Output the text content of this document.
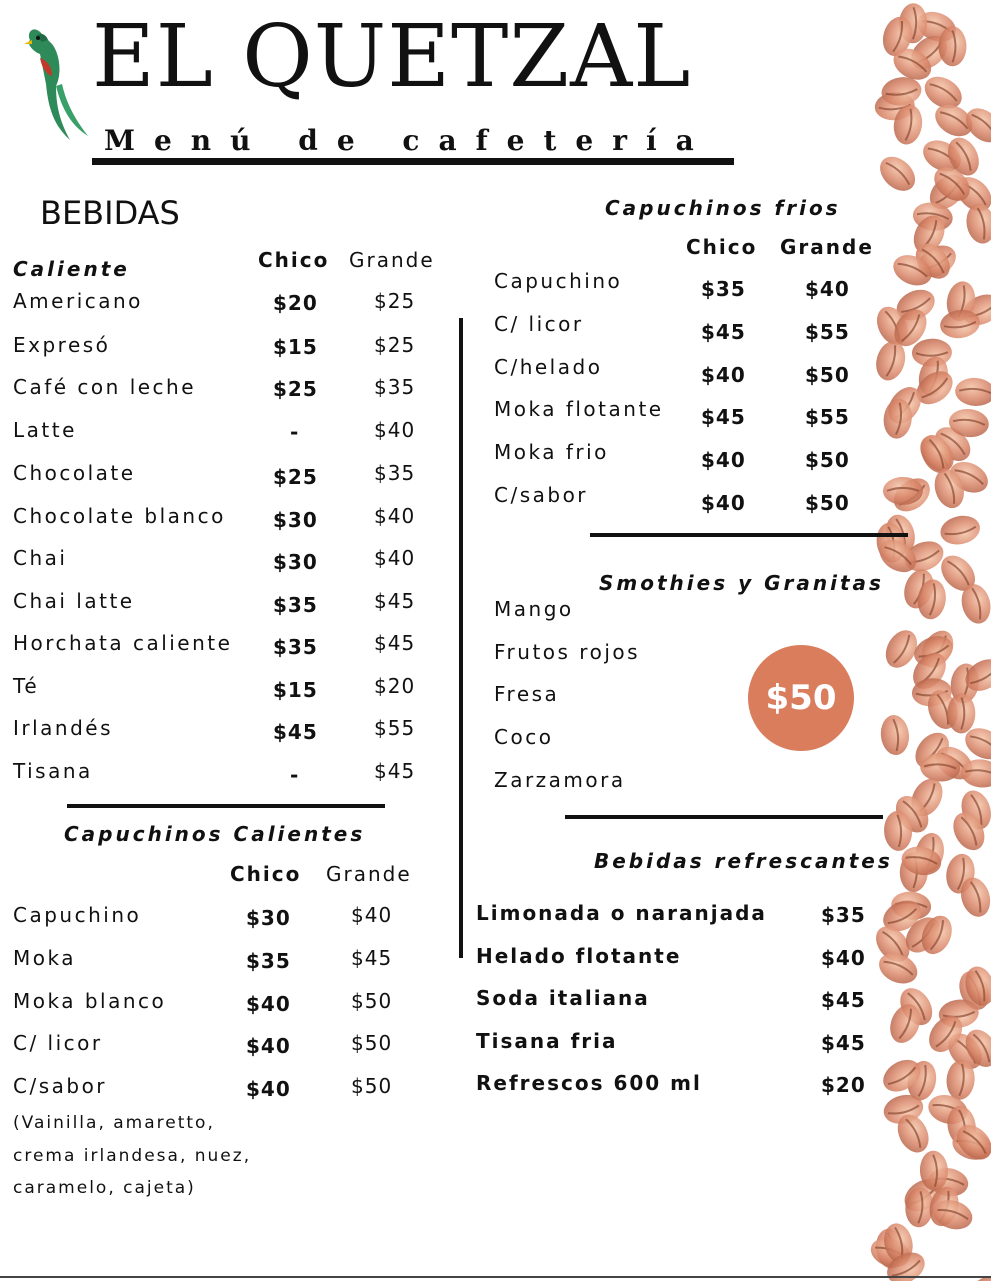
EL QUETZAL
Menú de cafetería
BEBIDAS
Caliente	Chico Grande
Americano	$20	$25
Expresó	$15	$25
Café con leche	$25	$35
Latte	-	$40
Chocolate	$25	$35
Chocolate blanco $30	$40
Chai	$30	$40
Chai latte	$35	$45
Horchata caliente $35	$45
Té	$15	$20
Irlandés	$45	$55
Tisana	-	$45
Capuchinos Calientes
Chico Grande
Capuchino	$30	$40
Moka	$35	$45
Moka blanco	$40	$50
C/ licor	$40	$50
C/sabor	$40	$50
(Vainilla, amaretto,
crema irlandesa, nuez,
caramelo, cajeta)
Capuchinos frios
Chico Grande
Capuchino	$35	$40
C/ licor	$45	$55
C/helado	$40	$50
Moka flotante $45	$55
Moka frio	$40	$50
C/sabor	$40	$50
Smothies y Granitas
Mango
Frutos rojos
Fresa
Coco
Zarzamora
$50
Bebidas refrescantes
Limonada o naranjada	$35
Helado flotante	$40
Soda italiana	$45
Tisana fria	$45
Refrescos 600 ml	$20
